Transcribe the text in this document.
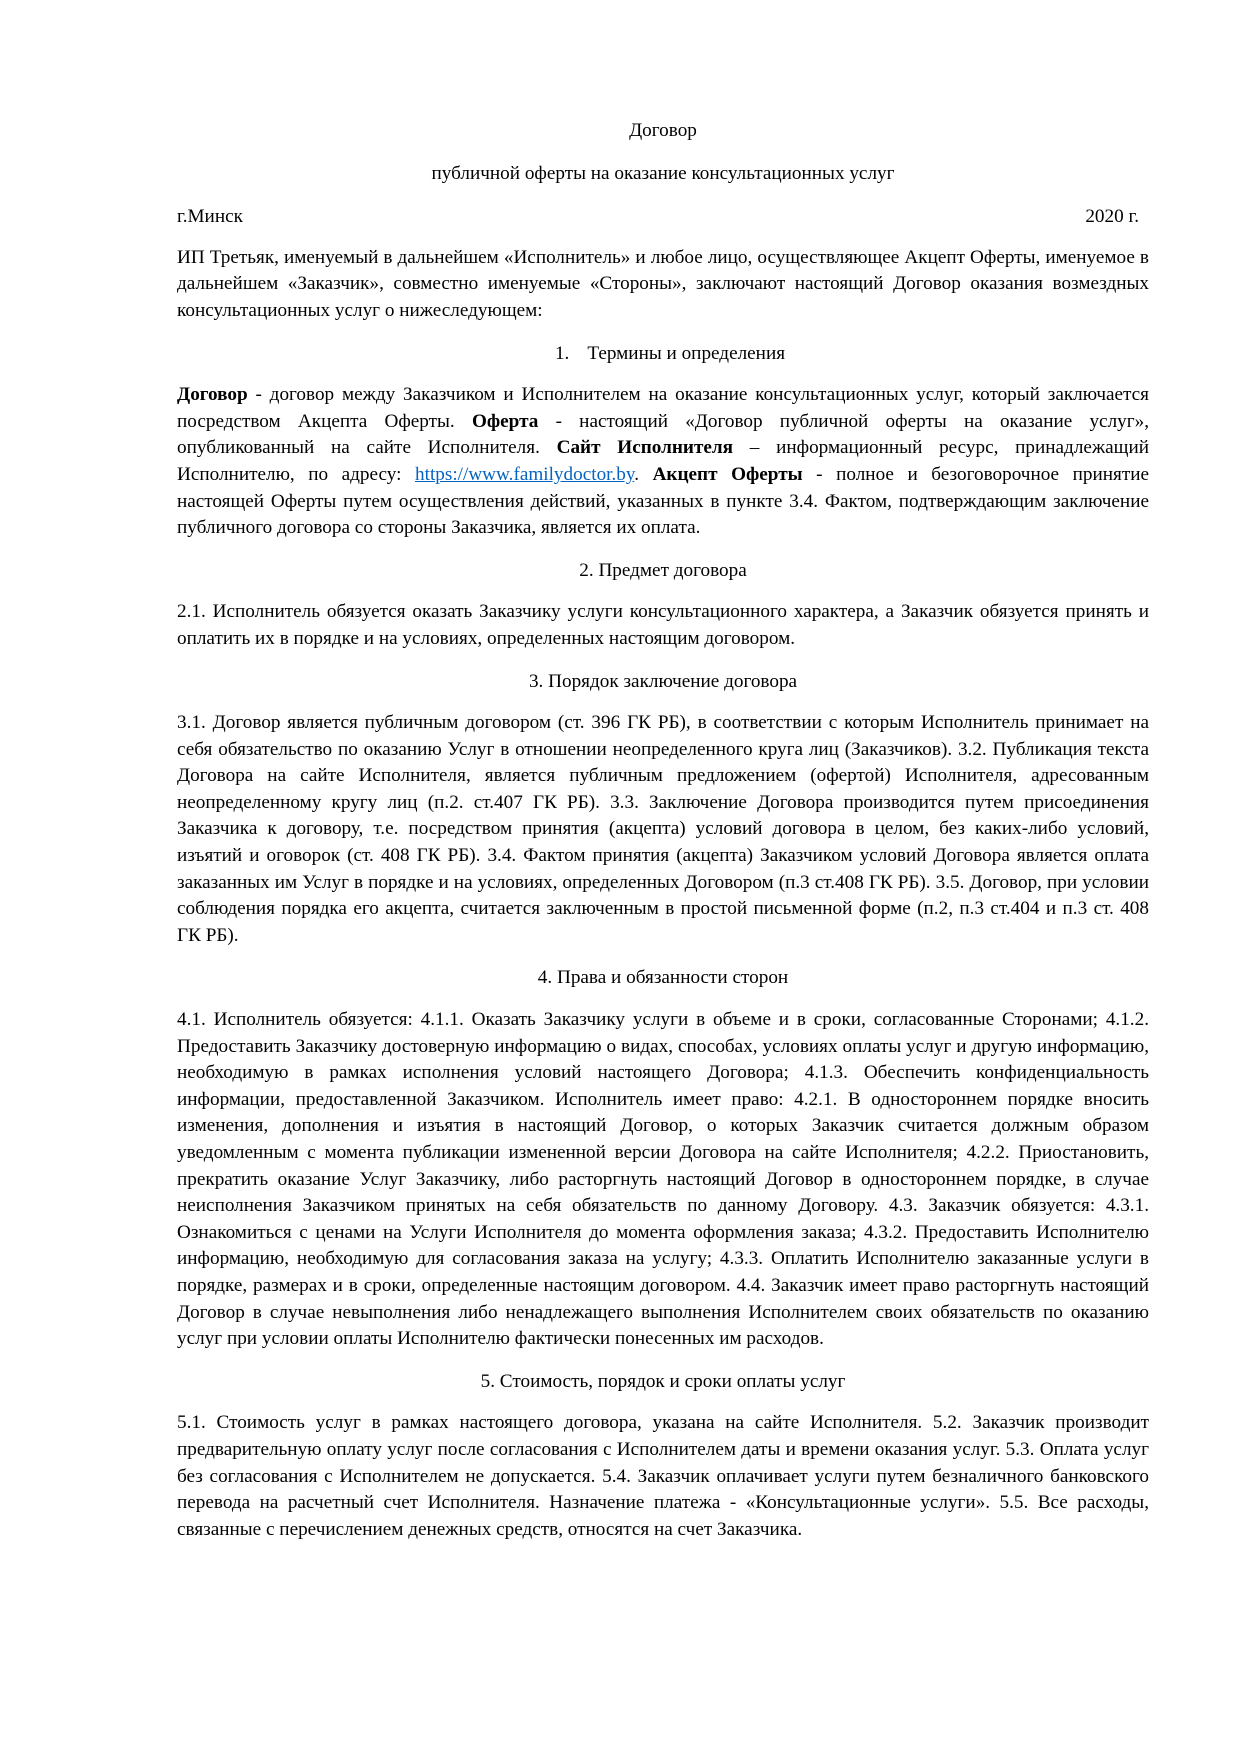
Договор

публичной оферты на оказание консультационных услуг

г.Минск	2020 г.

ИП Третьяк, именуемый в дальнейшем «Исполнитель» и любое лицо, осуществляющее Акцепт Оферты, именуемое в дальнейшем «Заказчик», совместно именуемые «Стороны», заключают настоящий Договор оказания возмездных консультационных услуг о нижеследующем:

1. Термины и определения

Договор - договор между Заказчиком и Исполнителем на оказание консультационных услуг, который заключается посредством Акцепта Оферты. Оферта - настоящий «Договор публичной оферты на оказание услуг», опубликованный на сайте Исполнителя. Сайт Исполнителя – информационный ресурс, принадлежащий Исполнителю, по адресу: https://www.familydoctor.by. Акцепт Оферты - полное и безоговорочное принятие настоящей Оферты путем осуществления действий, указанных в пункте 3.4. Фактом, подтверждающим заключение публичного договора со стороны Заказчика, является их оплата.

2. Предмет договора

2.1. Исполнитель обязуется оказать Заказчику услуги консультационного характера, а Заказчик обязуется принять и оплатить их в порядке и на условиях, определенных настоящим договором.

3. Порядок заключение договора

3.1. Договор является публичным договором (ст. 396 ГК РБ), в соответствии с которым Исполнитель принимает на себя обязательство по оказанию Услуг в отношении неопределенного круга лиц (Заказчиков). 3.2. Публикация текста Договора на сайте Исполнителя, является публичным предложением (офертой) Исполнителя, адресованным неопределенному кругу лиц (п.2. ст.407 ГК РБ). 3.3. Заключение Договора производится путем присоединения Заказчика к договору, т.е. посредством принятия (акцепта) условий договора в целом, без каких-либо условий, изъятий и оговорок (ст. 408 ГК РБ). 3.4. Фактом принятия (акцепта) Заказчиком условий Договора является оплата заказанных им Услуг в порядке и на условиях, определенных Договором (п.3 ст.408 ГК РБ). 3.5. Договор, при условии соблюдения порядка его акцепта, считается заключенным в простой письменной форме (п.2, п.3 ст.404 и п.3 ст. 408 ГК РБ).

4. Права и обязанности сторон

4.1. Исполнитель обязуется: 4.1.1. Оказать Заказчику услуги в объеме и в сроки, согласованные Сторонами; 4.1.2. Предоставить Заказчику достоверную информацию о видах, способах, условиях оплаты услуг и другую информацию, необходимую в рамках исполнения условий настоящего Договора; 4.1.3. Обеспечить конфиденциальность информации, предоставленной Заказчиком. Исполнитель имеет право: 4.2.1. В одностороннем порядке вносить изменения, дополнения и изъятия в настоящий Договор, о которых Заказчик считается должным образом уведомленным с момента публикации измененной версии Договора на сайте Исполнителя; 4.2.2. Приостановить, прекратить оказание Услуг Заказчику, либо расторгнуть настоящий Договор в одностороннем порядке, в случае неисполнения Заказчиком принятых на себя обязательств по данному Договору. 4.3. Заказчик обязуется: 4.3.1. Ознакомиться с ценами на Услуги Исполнителя до момента оформления заказа; 4.3.2. Предоставить Исполнителю информацию, необходимую для согласования заказа на услугу; 4.3.3. Оплатить Исполнителю заказанные услуги в порядке, размерах и в сроки, определенные настоящим договором. 4.4. Заказчик имеет право расторгнуть настоящий Договор в случае невыполнения либо ненадлежащего выполнения Исполнителем своих обязательств по оказанию услуг при условии оплаты Исполнителю фактически понесенных им расходов.

5. Стоимость, порядок и сроки оплаты услуг

5.1. Стоимость услуг в рамках настоящего договора, указана на сайте Исполнителя. 5.2. Заказчик производит предварительную оплату услуг после согласования с Исполнителем даты и времени оказания услуг. 5.3. Оплата услуг без согласования с Исполнителем не допускается. 5.4. Заказчик оплачивает услуги путем безналичного банковского перевода на расчетный счет Исполнителя. Назначение платежа - «Консультационные услуги». 5.5. Все расходы, связанные с перечислением денежных средств, относятся на счет Заказчика.
